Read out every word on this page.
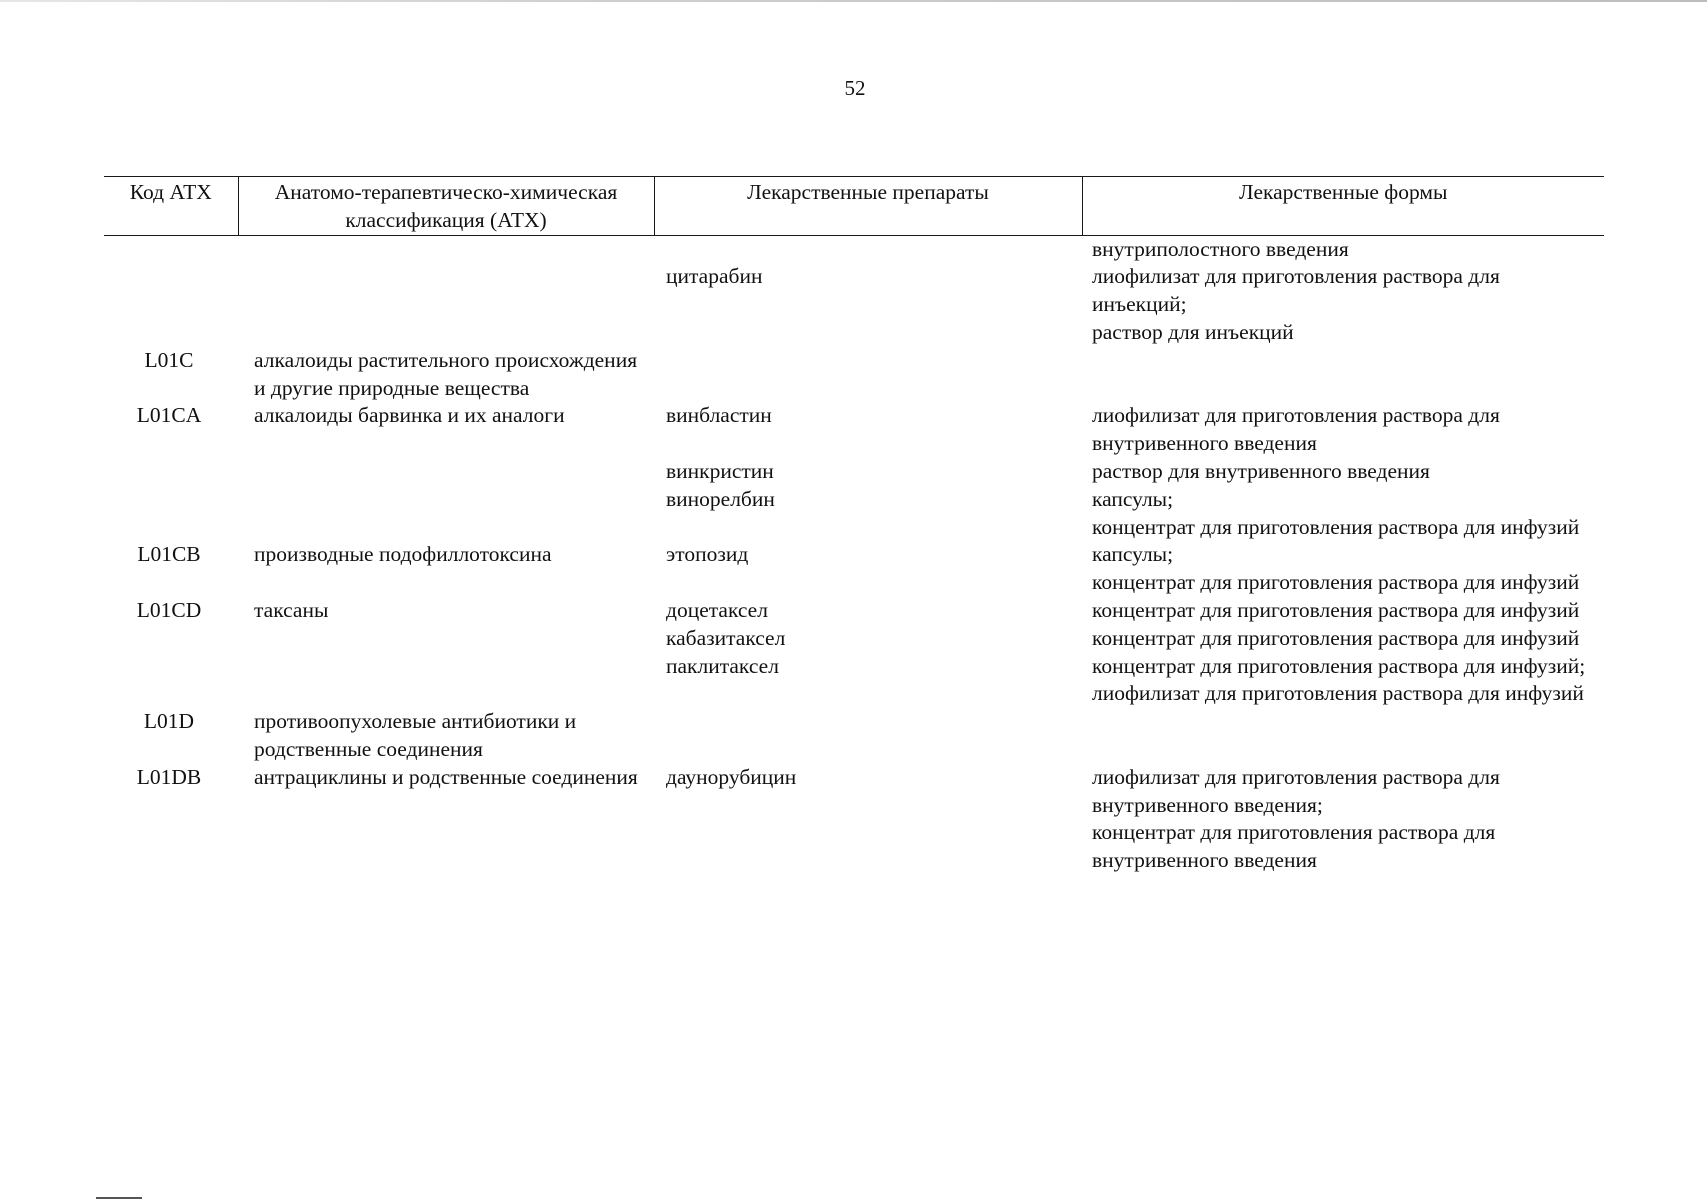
52
Код АТХ	Анатомо-терапевтическо-химическая классификация (АТХ)	Лекарственные препараты	Лекарственные формы
			внутриполостного введения
		цитарабин	лиофилизат для приготовления раствора для инъекций;
раствор для инъекций

L01C	алкалоиды растительного происхождения и другие природные вещества		
L01CA	алкалоиды барвинка и их аналоги	винбластин	лиофилизат для приготовления раствора для внутривенного введения
		винкристин	раствор для внутривенного введения
		винорелбин	капсулы;
концентрат для приготовления раствора для инфузий

L01CB	производные подофиллотоксина	этопозид	капсулы;
концентрат для приготовления раствора для инфузий

L01CD	таксаны	доцетаксел	концентрат для приготовления раствора для инфузий
		кабазитаксел	концентрат для приготовления раствора для инфузий
		паклитаксел	концентрат для приготовления раствора для инфузий;
лиофилизат для приготовления раствора для инфузий

L01D	противоопухолевые антибиотики и родственные соединения		
L01DB	антрациклины и родственные соединения	даунорубицин	лиофилизат для приготовления раствора для внутривенного введения;
концентрат для приготовления раствора для внутривенного введения
